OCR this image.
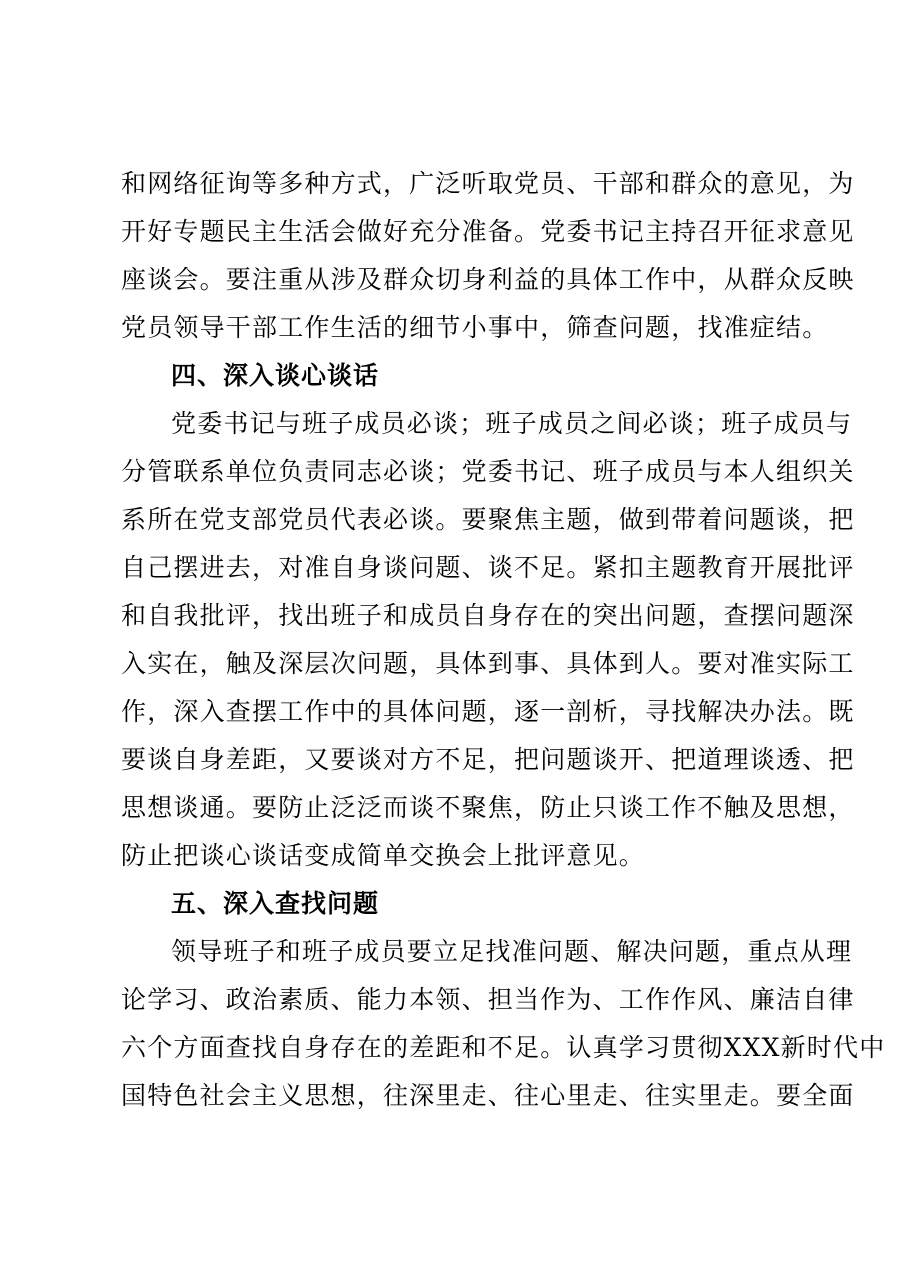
和网络征询等多种方式，广泛听取党员、干部和群众的意见，为
开好专题民主生活会做好充分准备。党委书记主持召开征求意见
座谈会。要注重从涉及群众切身利益的具体工作中，从群众反映
党员领导干部工作生活的细节小事中，筛查问题，找准症结。
四、深入谈心谈话
党委书记与班子成员必谈；班子成员之间必谈；班子成员与
分管联系单位负责同志必谈；党委书记、班子成员与本人组织关
系所在党支部党员代表必谈。要聚焦主题，做到带着问题谈，把
自己摆进去，对准自身谈问题、谈不足。紧扣主题教育开展批评
和自我批评，找出班子和成员自身存在的突出问题，查摆问题深
入实在，触及深层次问题，具体到事、具体到人。要对准实际工
作，深入查摆工作中的具体问题，逐一剖析，寻找解决办法。既
要谈自身差距，又要谈对方不足，把问题谈开、把道理谈透、把
思想谈通。要防止泛泛而谈不聚焦，防止只谈工作不触及思想，
防止把谈心谈话变成简单交换会上批评意见。
五、深入查找问题
领导班子和班子成员要立足找准问题、解决问题，重点从理
论学习、政治素质、能力本领、担当作为、工作作风、廉洁自律
六个方面查找自身存在的差距和不足。认真学习贯彻XXX新时代中
国特色社会主义思想，往深里走、往心里走、往实里走。要全面
